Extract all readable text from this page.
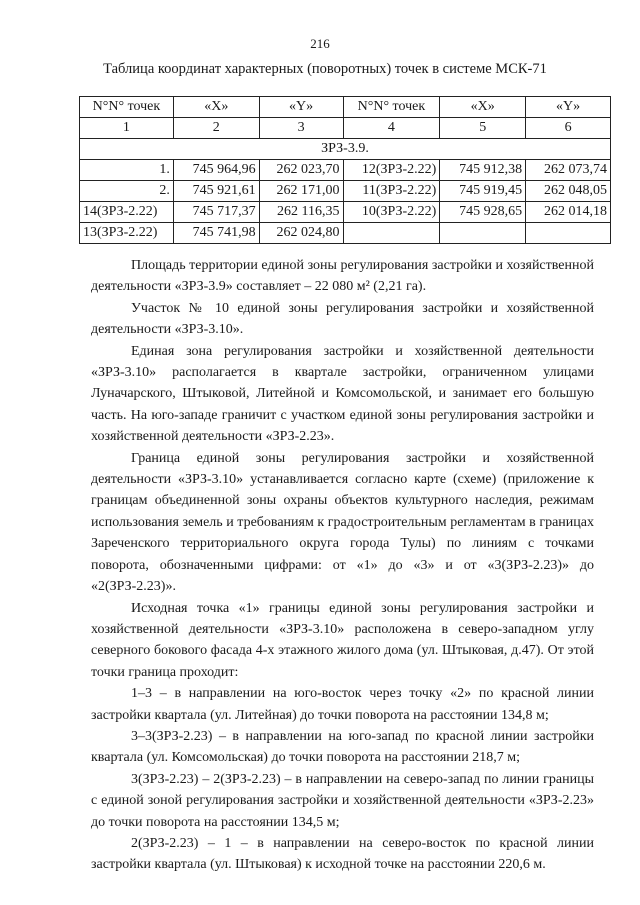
216
Таблица координат характерных (поворотных) точек в системе МСК-71
N°N° точек	«X»	«Y»	N°N° точек	«X»	«Y»
1	2	3	4	5	6
ЗРЗ-3.9.					
1.	745 964,96	262 023,70	12(ЗРЗ-2.22)	745 912,38	262 073,74
2.	745 921,61	262 171,00	11(ЗРЗ-2.22)	745 919,45	262 048,05
14(ЗРЗ-2.22)	745 717,37	262 116,35	10(ЗРЗ-2.22)	745 928,65	262 014,18
13(ЗРЗ-2.22)	745 741,98	262 024,80			

Площадь территории единой зоны регулирования застройки и хозяйственной деятельности «ЗРЗ-3.9» составляет – 22 080 м² (2,21 га).

Участок № 10 единой зоны регулирования застройки и хозяйственной деятельности «ЗРЗ-3.10».

Единая зона регулирования застройки и хозяйственной деятельности «ЗРЗ-3.10» располагается в квартале застройки, ограниченном улицами Луначарского, Штыковой, Литейной и Комсомольской, и занимает его большую часть. На юго-западе граничит с участком единой зоны регулирования застройки и хозяйственной деятельности «ЗРЗ-2.23».

Граница единой зоны регулирования застройки и хозяйственной деятельности «ЗРЗ-3.10» устанавливается согласно карте (схеме) (приложение к границам объединенной зоны охраны объектов культурного наследия, режимам использования земель и требованиям к градостроительным регламентам в границах Зареченского территориального округа города Тулы) по линиям с точками поворота, обозначенными цифрами: от «1» до «3» и от «3(ЗРЗ-2.23)» до «2(ЗРЗ-2.23)».

Исходная точка «1» границы единой зоны регулирования застройки и хозяйственной деятельности «ЗРЗ-3.10» расположена в северо-западном углу северного бокового фасада 4-х этажного жилого дома (ул. Штыковая, д.47). От этой точки граница проходит:

1–3 – в направлении на юго-восток через точку «2» по красной линии застройки квартала (ул. Литейная) до точки поворота на расстоянии 134,8 м;

3–3(ЗРЗ-2.23) – в направлении на юго-запад по красной линии застройки квартала (ул. Комсомольская) до точки поворота на расстоянии 218,7 м;

3(ЗРЗ-2.23) – 2(ЗРЗ-2.23) – в направлении на северо-запад по линии границы с единой зоной регулирования застройки и хозяйственной деятельности «ЗРЗ-2.23» до точки поворота на расстоянии 134,5 м;

2(ЗРЗ-2.23) – 1 – в направлении на северо-восток по красной линии застройки квартала (ул. Штыковая) к исходной точке на расстоянии 220,6 м.
